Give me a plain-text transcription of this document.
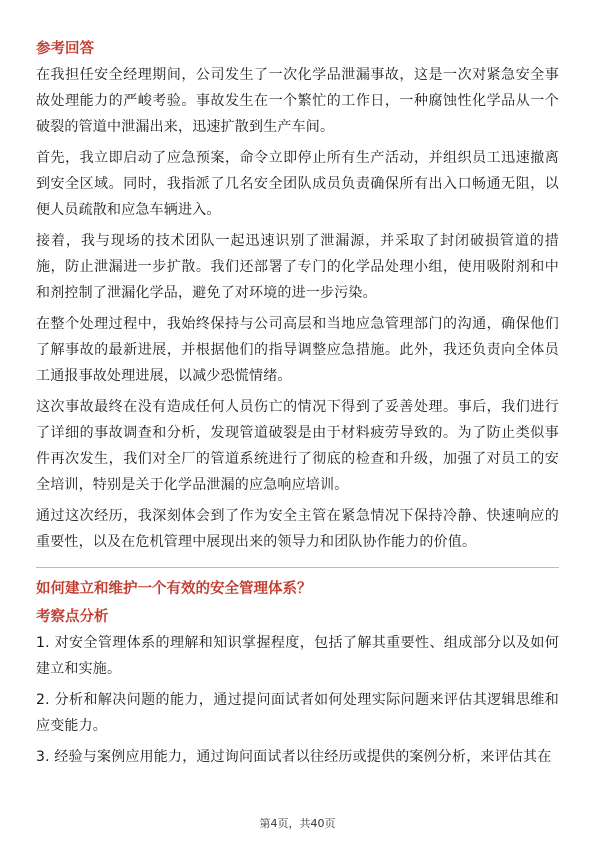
参考回答

在我担任安全经理期间，公司发生了一次化学品泄漏事故，这是一次对紧急安全事故处理能力的严峻考验。事故发生在一个繁忙的工作日，一种腐蚀性化学品从一个破裂的管道中泄漏出来，迅速扩散到生产车间。

首先，我立即启动了应急预案，命令立即停止所有生产活动，并组织员工迅速撤离到安全区域。同时，我指派了几名安全团队成员负责确保所有出入口畅通无阻，以便人员疏散和应急车辆进入。

接着，我与现场的技术团队一起迅速识别了泄漏源，并采取了封闭破损管道的措施，防止泄漏进一步扩散。我们还部署了专门的化学品处理小组，使用吸附剂和中和剂控制了泄漏化学品，避免了对环境的进一步污染。

在整个处理过程中，我始终保持与公司高层和当地应急管理部门的沟通，确保他们了解事故的最新进展，并根据他们的指导调整应急措施。此外，我还负责向全体员工通报事故处理进展，以减少恐慌情绪。

这次事故最终在没有造成任何人员伤亡的情况下得到了妥善处理。事后，我们进行了详细的事故调查和分析，发现管道破裂是由于材料疲劳导致的。为了防止类似事件再次发生，我们对全厂的管道系统进行了彻底的检查和升级，加强了对员工的安全培训，特别是关于化学品泄漏的应急响应培训。

通过这次经历，我深刻体会到了作为安全主管在紧急情况下保持冷静、快速响应的重要性，以及在危机管理中展现出来的领导力和团队协作能力的价值。

如何建立和维护一个有效的安全管理体系？

考察点分析

1. 对安全管理体系的理解和知识掌握程度，包括了解其重要性、组成部分以及如何建立和实施。

2. 分析和解决问题的能力，通过提问面试者如何处理实际问题来评估其逻辑思维和应变能力。

3. 经验与案例应用能力，通过询问面试者以往经历或提供的案例分析，来评估其在

第4页，共40页
